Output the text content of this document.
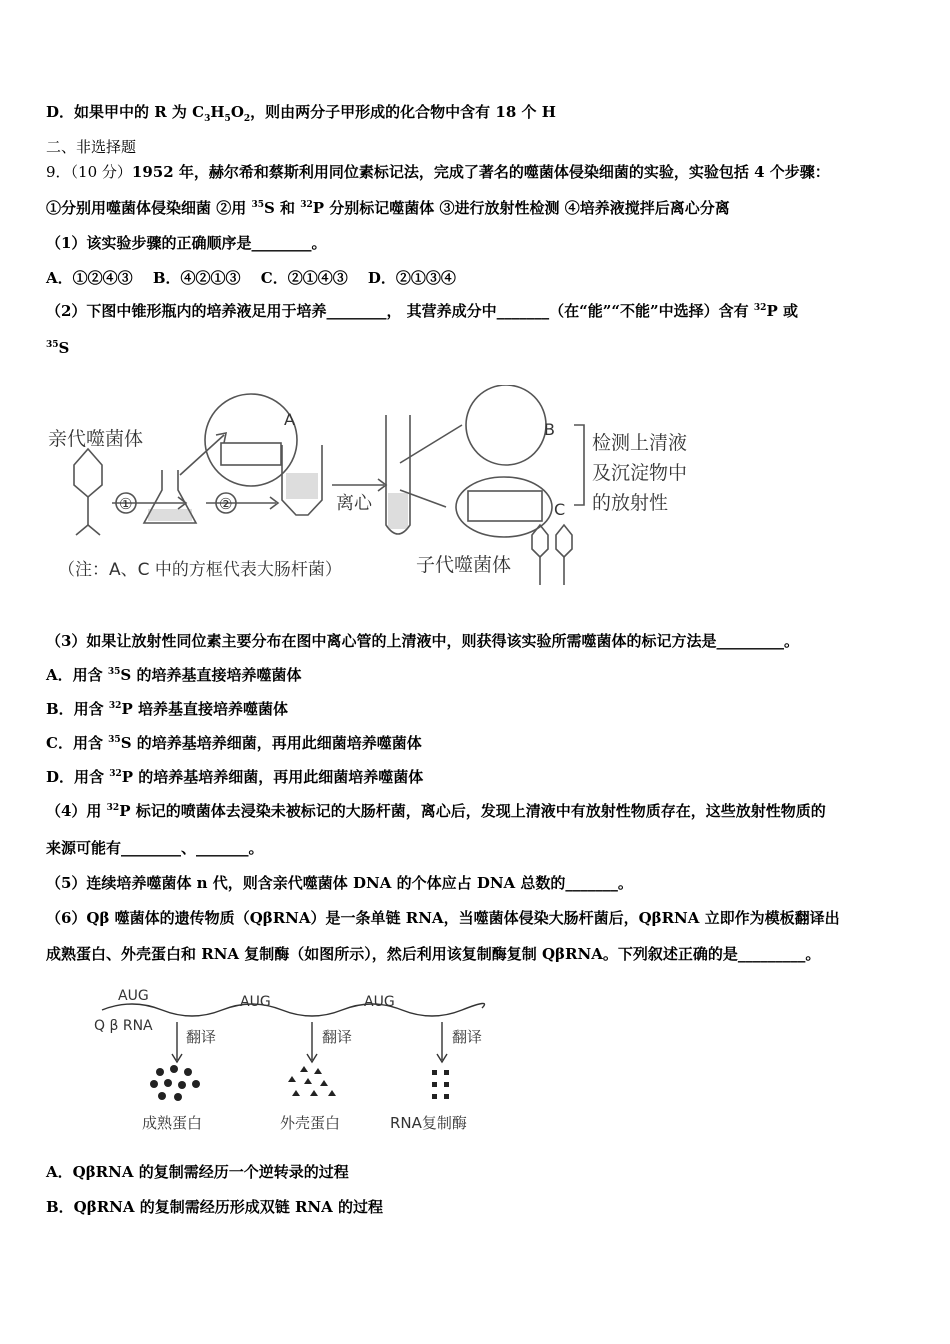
D．如果甲中的 R 为 $C_3H_5O_2$，则由两分子甲形成的化合物中含有 18 个 H
二、非选择题
9．（10 分）1952 年，赫尔希和蔡斯利用同位素标记法，完成了著名的噬菌体侵染细菌的实验，实验包括 4 个步骤：
①分别用噬菌体侵染细菌 ②用 $^{35}$S 和 $^{32}$P 分别标记噬菌体 ③进行放射性检测 ④培养液搅拌后离心分离
（1）该实验步骤的正确顺序是________。
A．①②④③　 B．④②①③　 C．②①④③　 D．②①③④
（2）下图中锥形瓶内的培养液足用于培养________， 其营养成分中_______（在“能”“不能”中选择）含有 $^{32}$P 或
$^{35}$S
亲代噬菌体
①	②
A
离心
B
C
检测上清液
及沉淀物中
的放射性
子代噬菌体
（注：A、C 中的方框代表大肠杆菌）
（3）如果让放射性同位素主要分布在图中离心管的上清液中，则获得该实验所需噬菌体的标记方法是_________。
A．用含 $^{35}$S 的培养基直接培养噬菌体
B．用含 $^{32}$P 培养基直接培养噬菌体
C．用含 $^{35}$S 的培养基培养细菌，再用此细菌培养噬菌体
D．用含 $^{32}$P 的培养基培养细菌，再用此细菌培养噬菌体
（4）用 $^{32}$P 标记的喷菌体去浸染未被标记的大肠杆菌，离心后，发现上清液中有放射性物质存在，这些放射性物质的
来源可能有________、_______。
（5）连续培养噬菌体 n 代，则含亲代噬菌体 DNA 的个体应占 DNA 总数的_______。
（6）Qβ 噬菌体的遗传物质（QβRNA）是一条单链 RNA，当噬菌体侵染大肠杆菌后，QβRNA 立即作为模板翻译出
成熟蛋白、外壳蛋白和 RNA 复制酶（如图所示），然后利用该复制酶复制 QβRNA。下列叙述正确的是_________。
AUG	AUG	AUG
Q β RNA
翻译	翻译	翻译
成熟蛋白	外壳蛋白	RNA复制酶
A．QβRNA 的复制需经历一个逆转录的过程
B．QβRNA 的复制需经历形成双链 RNA 的过程
